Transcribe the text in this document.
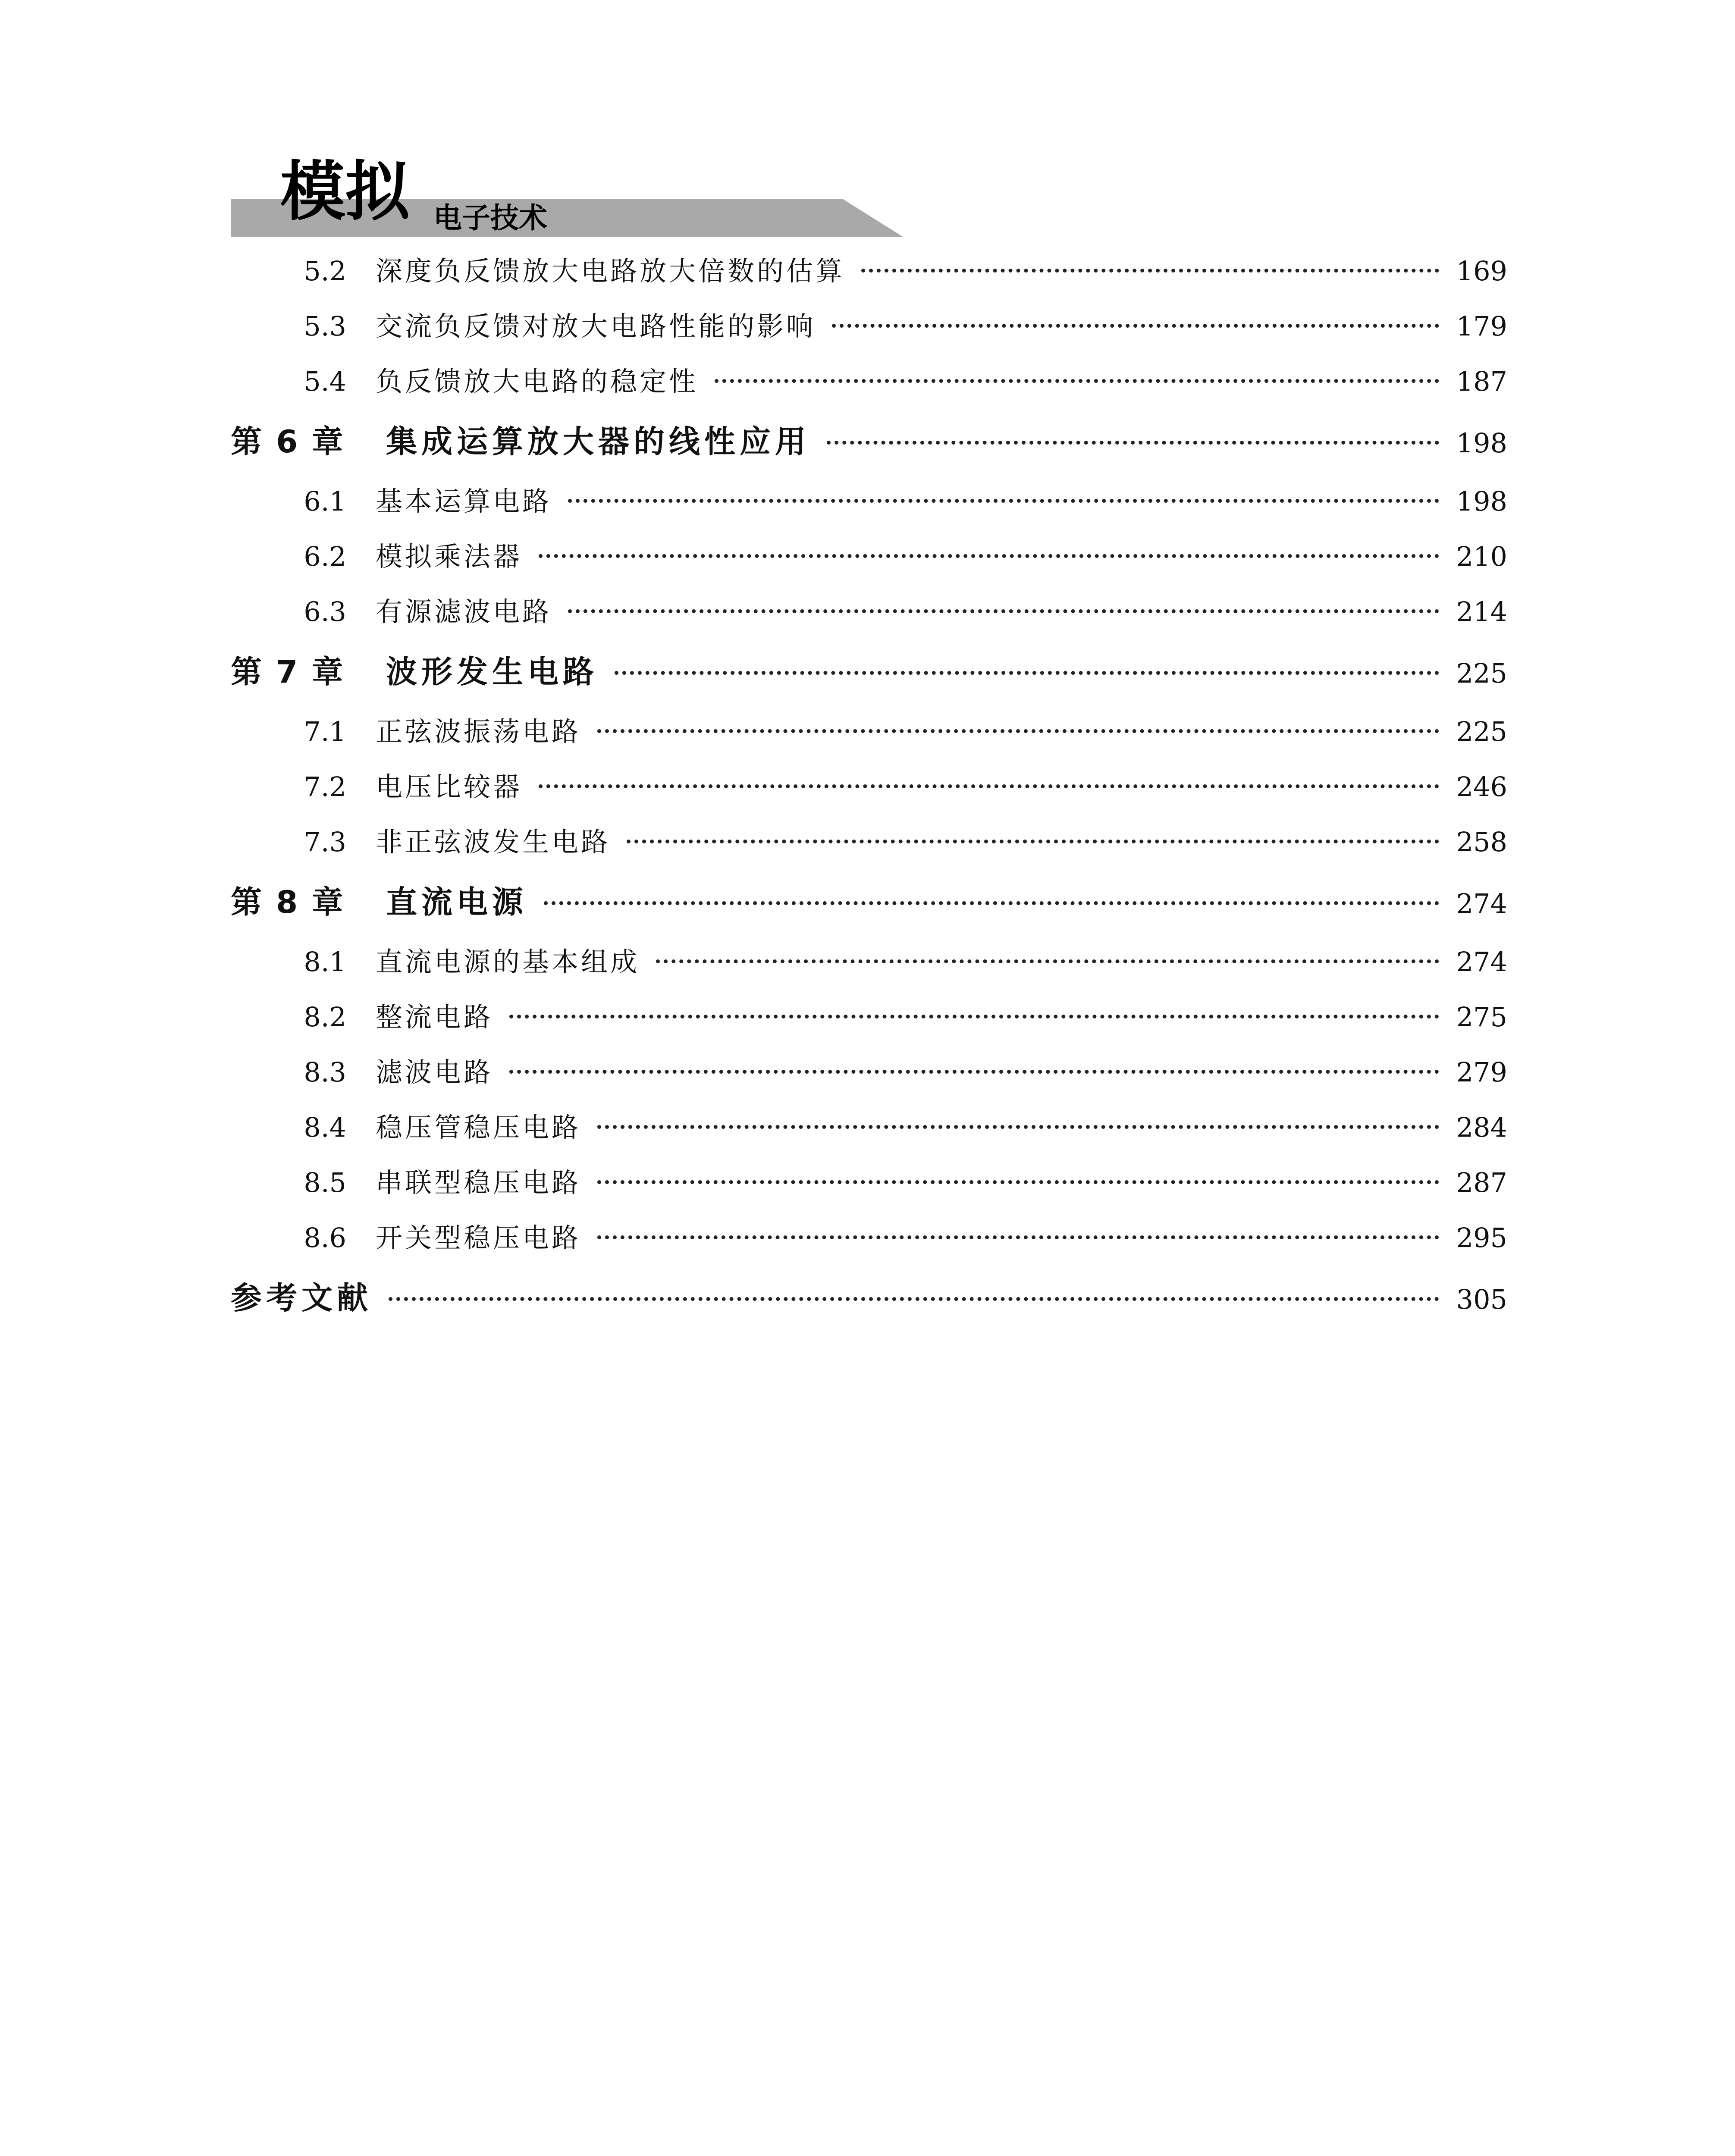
模拟 电子技术
5.2	深度负反馈放大电路放大倍数的估算	169
5.3	交流负反馈对放大电路性能的影响	179
5.4	负反馈放大电路的稳定性	187
第 6 章	集成运算放大器的线性应用	198
6.1	基本运算电路	198
6.2	模拟乘法器	210
6.3	有源滤波电路	214
第 7 章	波形发生电路	225
7.1	正弦波振荡电路	225
7.2	电压比较器	246
7.3	非正弦波发生电路	258
第 8 章	直流电源	274
8.1	直流电源的基本组成	274
8.2	整流电路	275
8.3	滤波电路	279
8.4	稳压管稳压电路	284
8.5	串联型稳压电路	287
8.6	开关型稳压电路	295
参考文献	305
